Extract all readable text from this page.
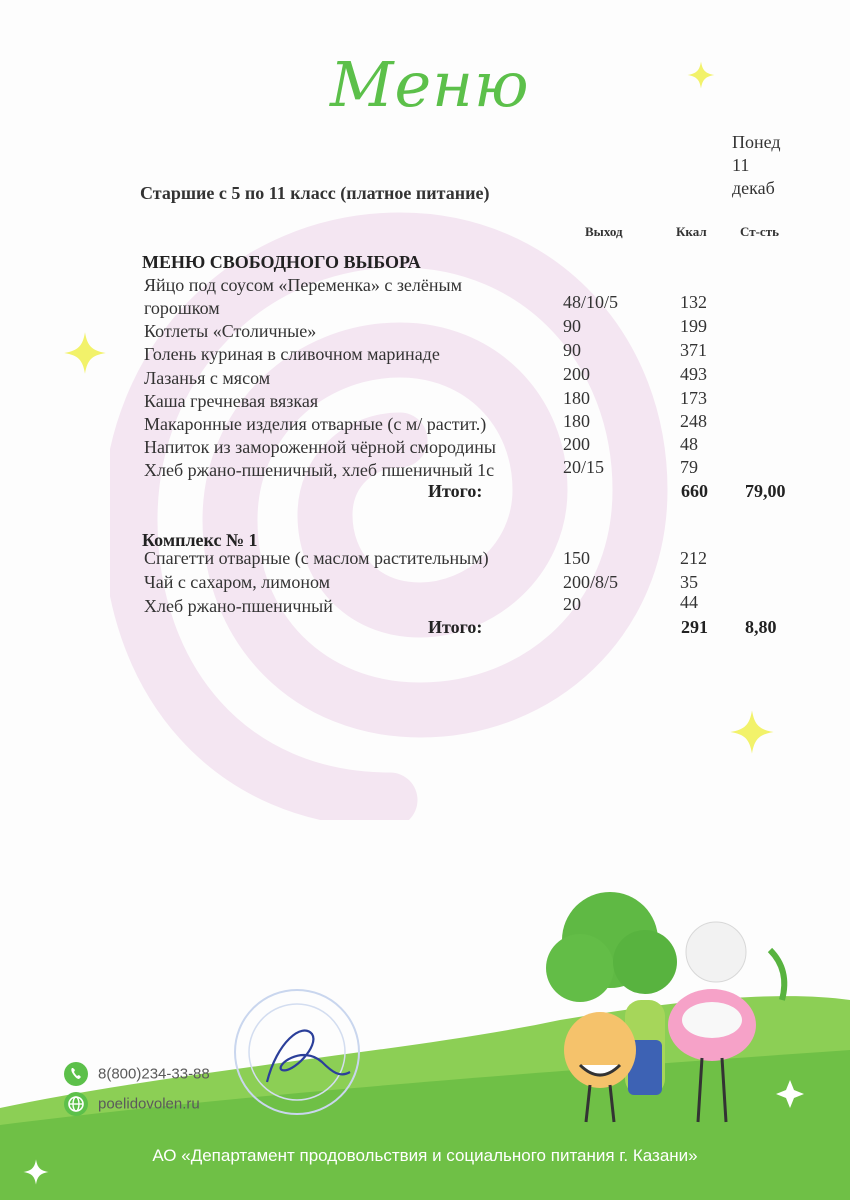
Меню
Понед
11
декаб
Старшие с 5 по 11 класс (платное питание)
Выход	Ккал	Ст-сть
МЕНЮ СВОБОДНОГО ВЫБОРА
Яйцо под соусом «Переменка» с зелёным
горошком	48/10/5	132
Котлеты «Столичные»	90	199
Голень куриная в сливочном маринаде	90	371
Лазанья с мясом	200	493
Каша гречневая вязкая	180	173
Макаронные изделия отварные (с м/ растит.)	180	248
Напиток из замороженной чёрной смородины	200	48
Хлеб ржано-пшеничный, хлеб пшеничный 1с	20/15	79
Итого:	660 79,00
Комплекс № 1
Спагетти отварные (с маслом растительным)	150	212
Чай с сахаром, лимоном	200/8/5	35
Хлеб ржано-пшеничный	20	44
Итого:	291 8,80
8(800)234-33-88
poelidovolen.ru
АО «Департамент продовольствия и социального питания г. Казани»
